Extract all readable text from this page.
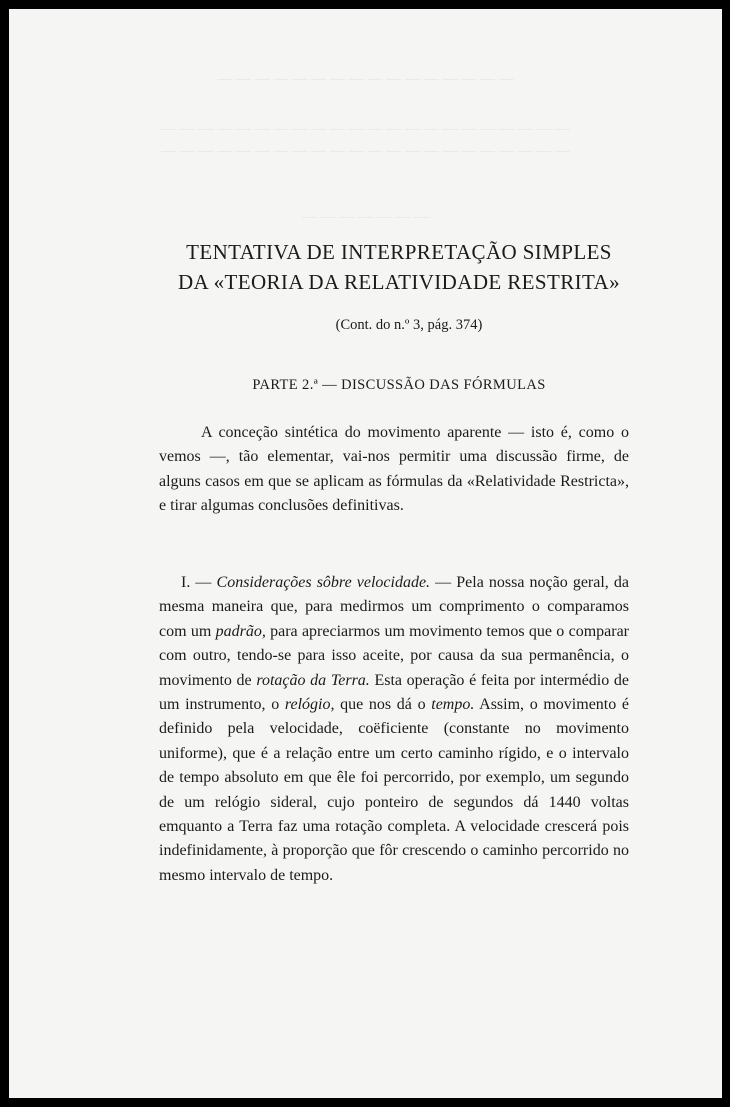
— — — — — — — — — — — — — — — —
— — — — — — — — — — — — — — — — — — — — — —
— — — — — — — — — — — — — — — — — — — — — —
— — — — — — —
TENTATIVA DE INTERPRETAÇÃO SIMPLES
DA «TEORIA DA RELATIVIDADE RESTRITA»
(Cont. do n.º 3, pág. 374)
PARTE 2.ª — DISCUSSÃO DAS FÓRMULAS

A conceção sintética do movimento aparente — isto é, como o vemos —, tão elementar, vai-nos permitir uma discussão firme, de alguns casos em que se aplicam as fórmulas da «Relatividade Restricta», e tirar algumas conclusões definitivas.

I. — Considerações sôbre velocidade. — Pela nossa noção geral, da mesma maneira que, para medirmos um comprimento o comparamos com um padrão, para apreciarmos um movimento temos que o comparar com outro, tendo-se para isso aceite, por causa da sua permanência, o movimento de rotação da Terra. Esta operação é feita por intermédio de um instrumento, o relógio, que nos dá o tempo. Assim, o movimento é definido pela velocidade, coëficiente (constante no movimento uniforme), que é a relação entre um certo caminho rígido, e o intervalo de tempo absoluto em que êle foi percorrido, por exemplo, um segundo de um relógio sideral, cujo ponteiro de segundos dá 1440 voltas emquanto a Terra faz uma rotação completa. A velocidade crescerá pois indefinidamente, à proporção que fôr crescendo o caminho percorrido no mesmo intervalo de tempo.
